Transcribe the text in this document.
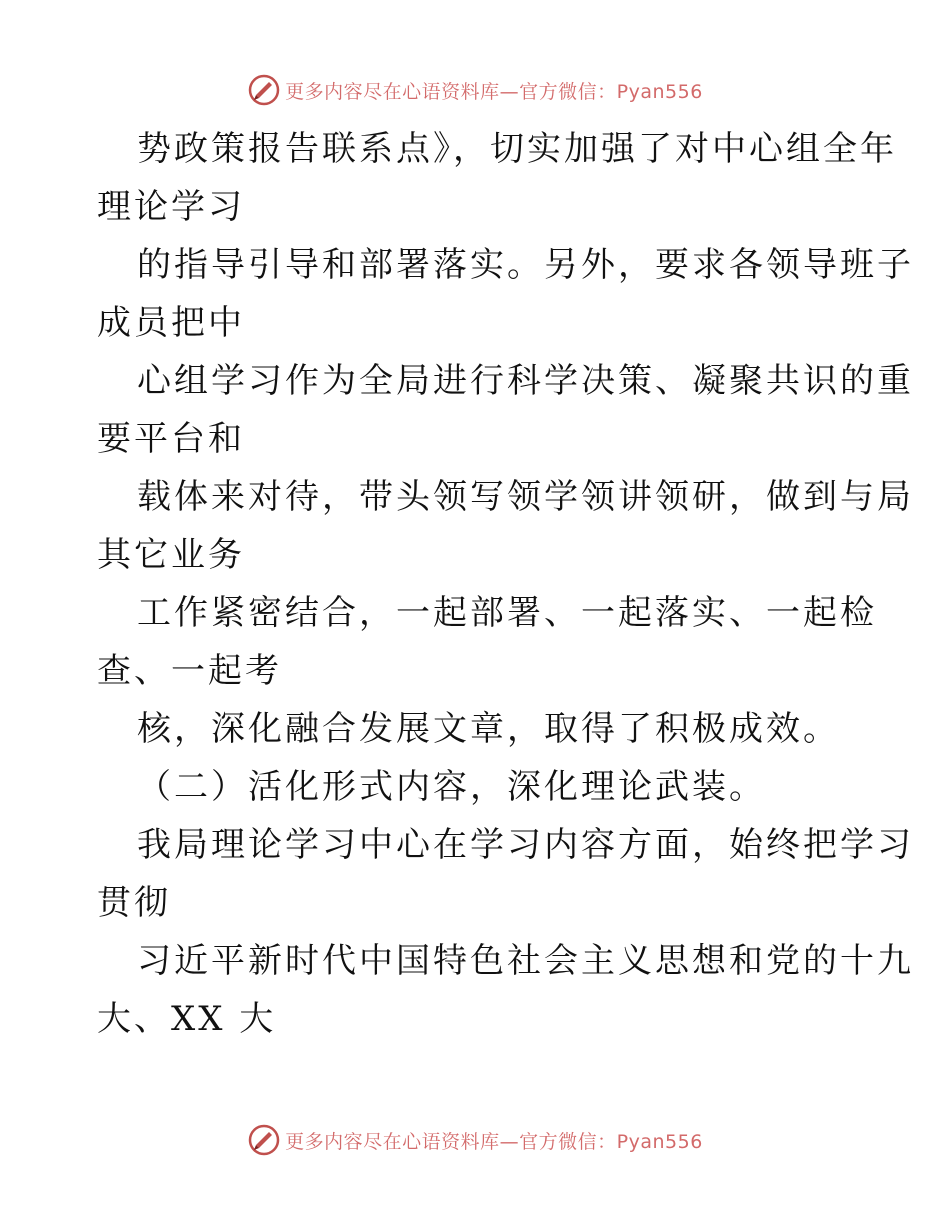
更多内容尽在心语资料库—官方微信：Pyan556
势政策报告联系点》，切实加强了对中心组全年
理论学习
的指导引导和部署落实。另外，要求各领导班子
成员把中
心组学习作为全局进行科学决策、凝聚共识的重
要平台和
载体来对待，带头领写领学领讲领研，做到与局
其它业务
工作紧密结合，一起部署、一起落实、一起检
查、一起考
核，深化融合发展文章，取得了积极成效。
（二）活化形式内容，深化理论武装。
我局理论学习中心在学习内容方面，始终把学习
贯彻
习近平新时代中国特色社会主义思想和党的十九
大、XX 大
更多内容尽在心语资料库—官方微信：Pyan556
